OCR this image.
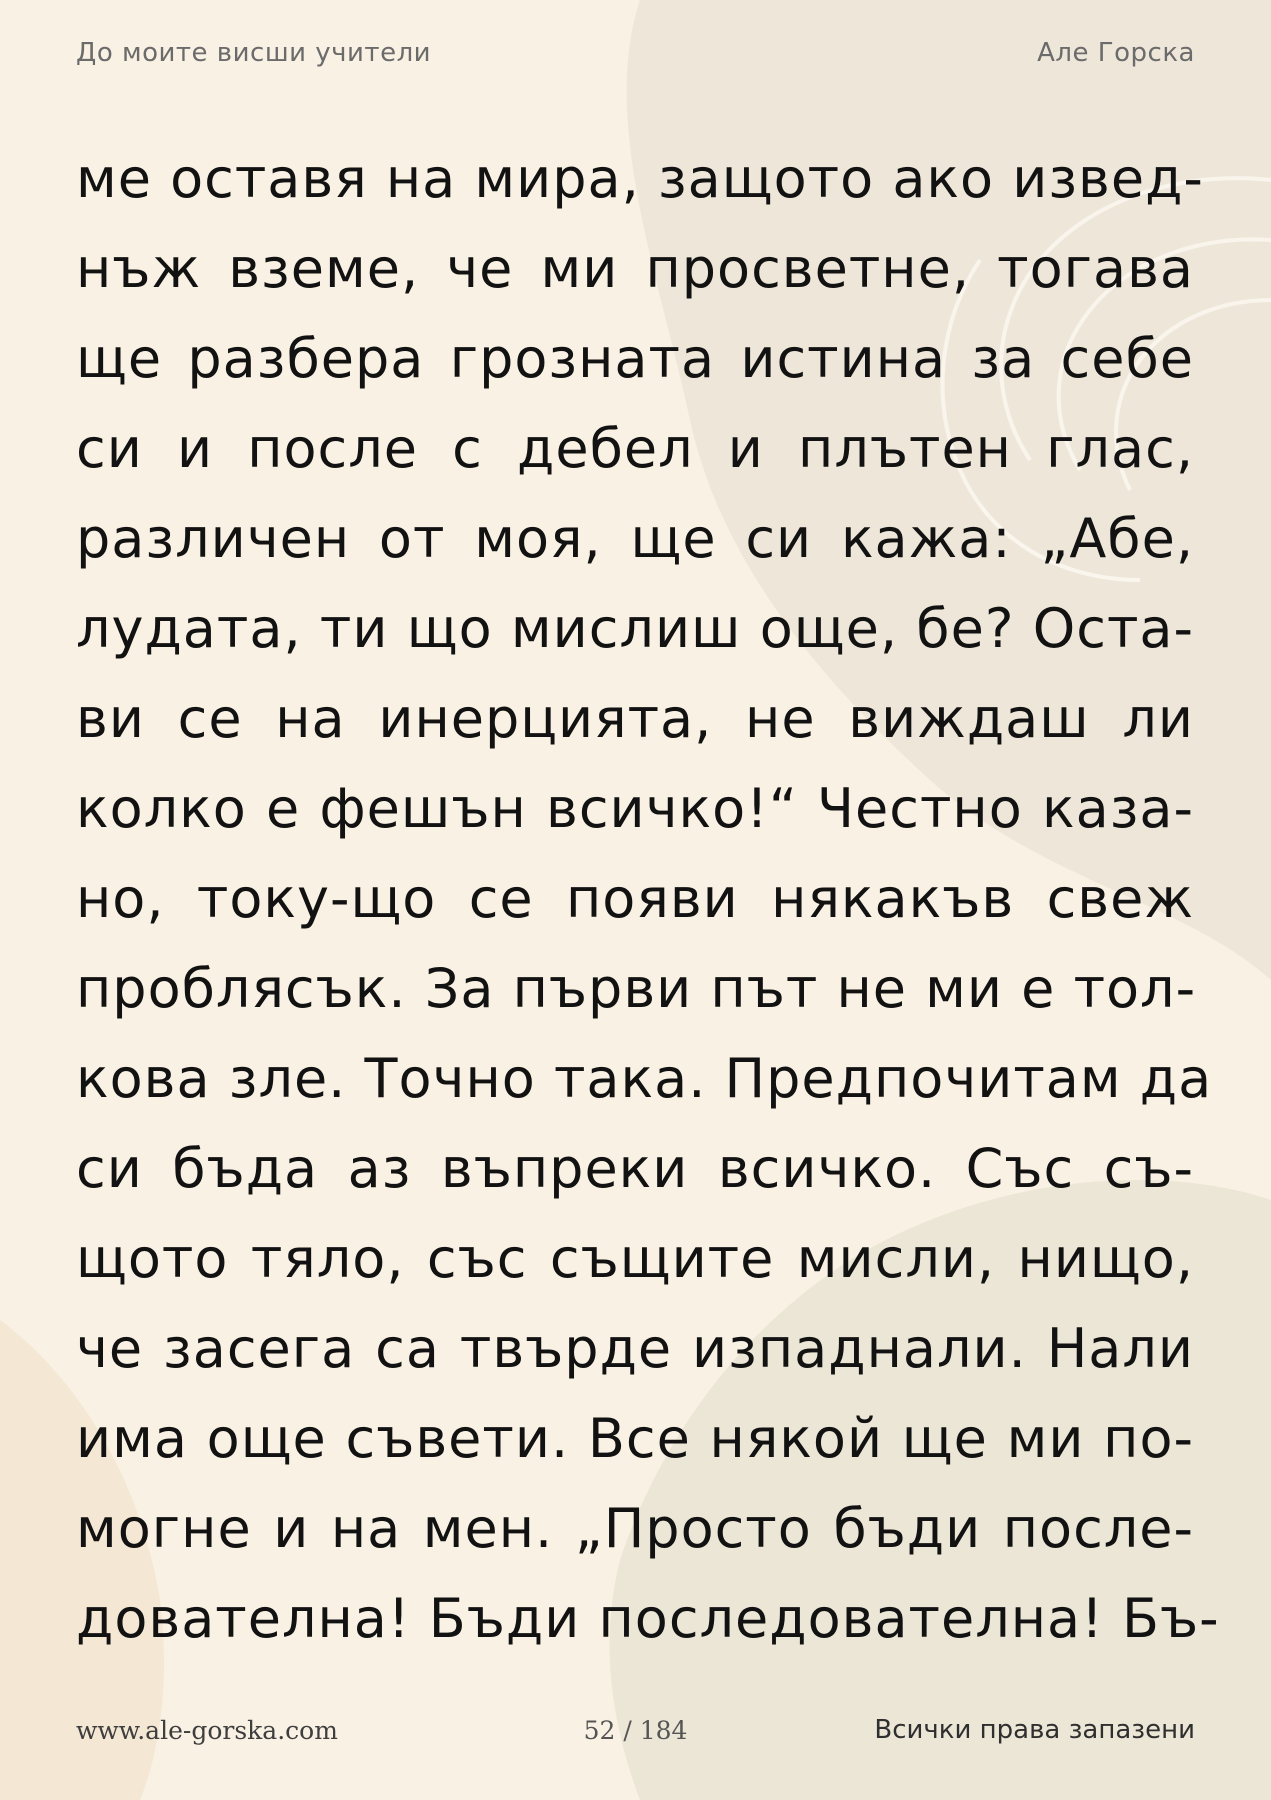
До моите висши учители	Але Горска
ме оставя на мира, защото ако извед-
нъж вземе, че ми просветне, тогава
ще разбера грозната истина за себе
си и после с дебел и плътен глас,
различен от моя, ще си кажа: „Абе,
лудата, ти що мислиш още, бе? Оста-
ви се на инерцията, не виждаш ли
колко е фешън всичко!“ Честно каза-
но, току-що се появи някакъв свеж
проблясък. За първи път не ми е тол-
кова зле. Точно така. Предпочитам да
си бъда аз въпреки всичко. Със съ-
щото тяло, със същите мисли, нищо,
че засега са твърде изпаднали. Нали
има още съвети. Все някой ще ми по-
могне и на мен. „Просто бъди после-
дователна! Бъди последователна! Бъ-
www.ale-gorska.com	52 / 184	Всички права запазени
